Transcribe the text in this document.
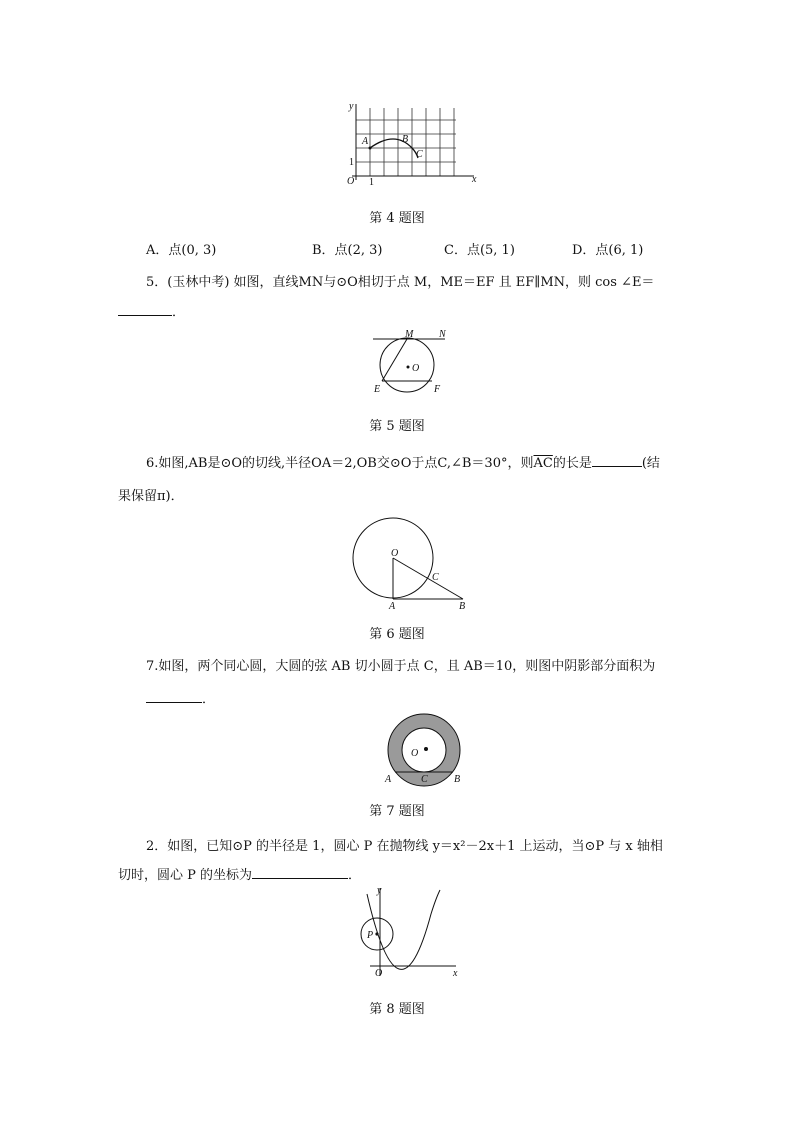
y
x
O 1
1
A	B
C
第 4 题图
A．点(0, 3)	B．点(2, 3)	C．点(5, 1)	D．点(6, 1)
5．(玉林中考) 如图，直线MN与⊙O相切于点 M，ME＝EF 且 EF∥MN，则 cos ∠E＝
．
M	N
O
E	F
第 5 题图
6.如图,AB是⊙O的切线,半径OA＝2,OB交⊙O于点C,∠B＝30°，则$\overline{AC}$的长是	(结
果保留π)．
O
A	B
C
第 6 题图
7.如图，两个同心圆，大圆的弦 AB 切小圆于点 C，且 AB＝10，则图中阴影部分面积为
．
O
A	B
C
第 7 题图
2．如图，已知⊙P 的半径是 1，圆心 P 在抛物线 y＝x²－2x＋1 上运动，当⊙P 与 x 轴相
切时，圆心 P 的坐标为	．
y
x
O
P
第 8 题图
